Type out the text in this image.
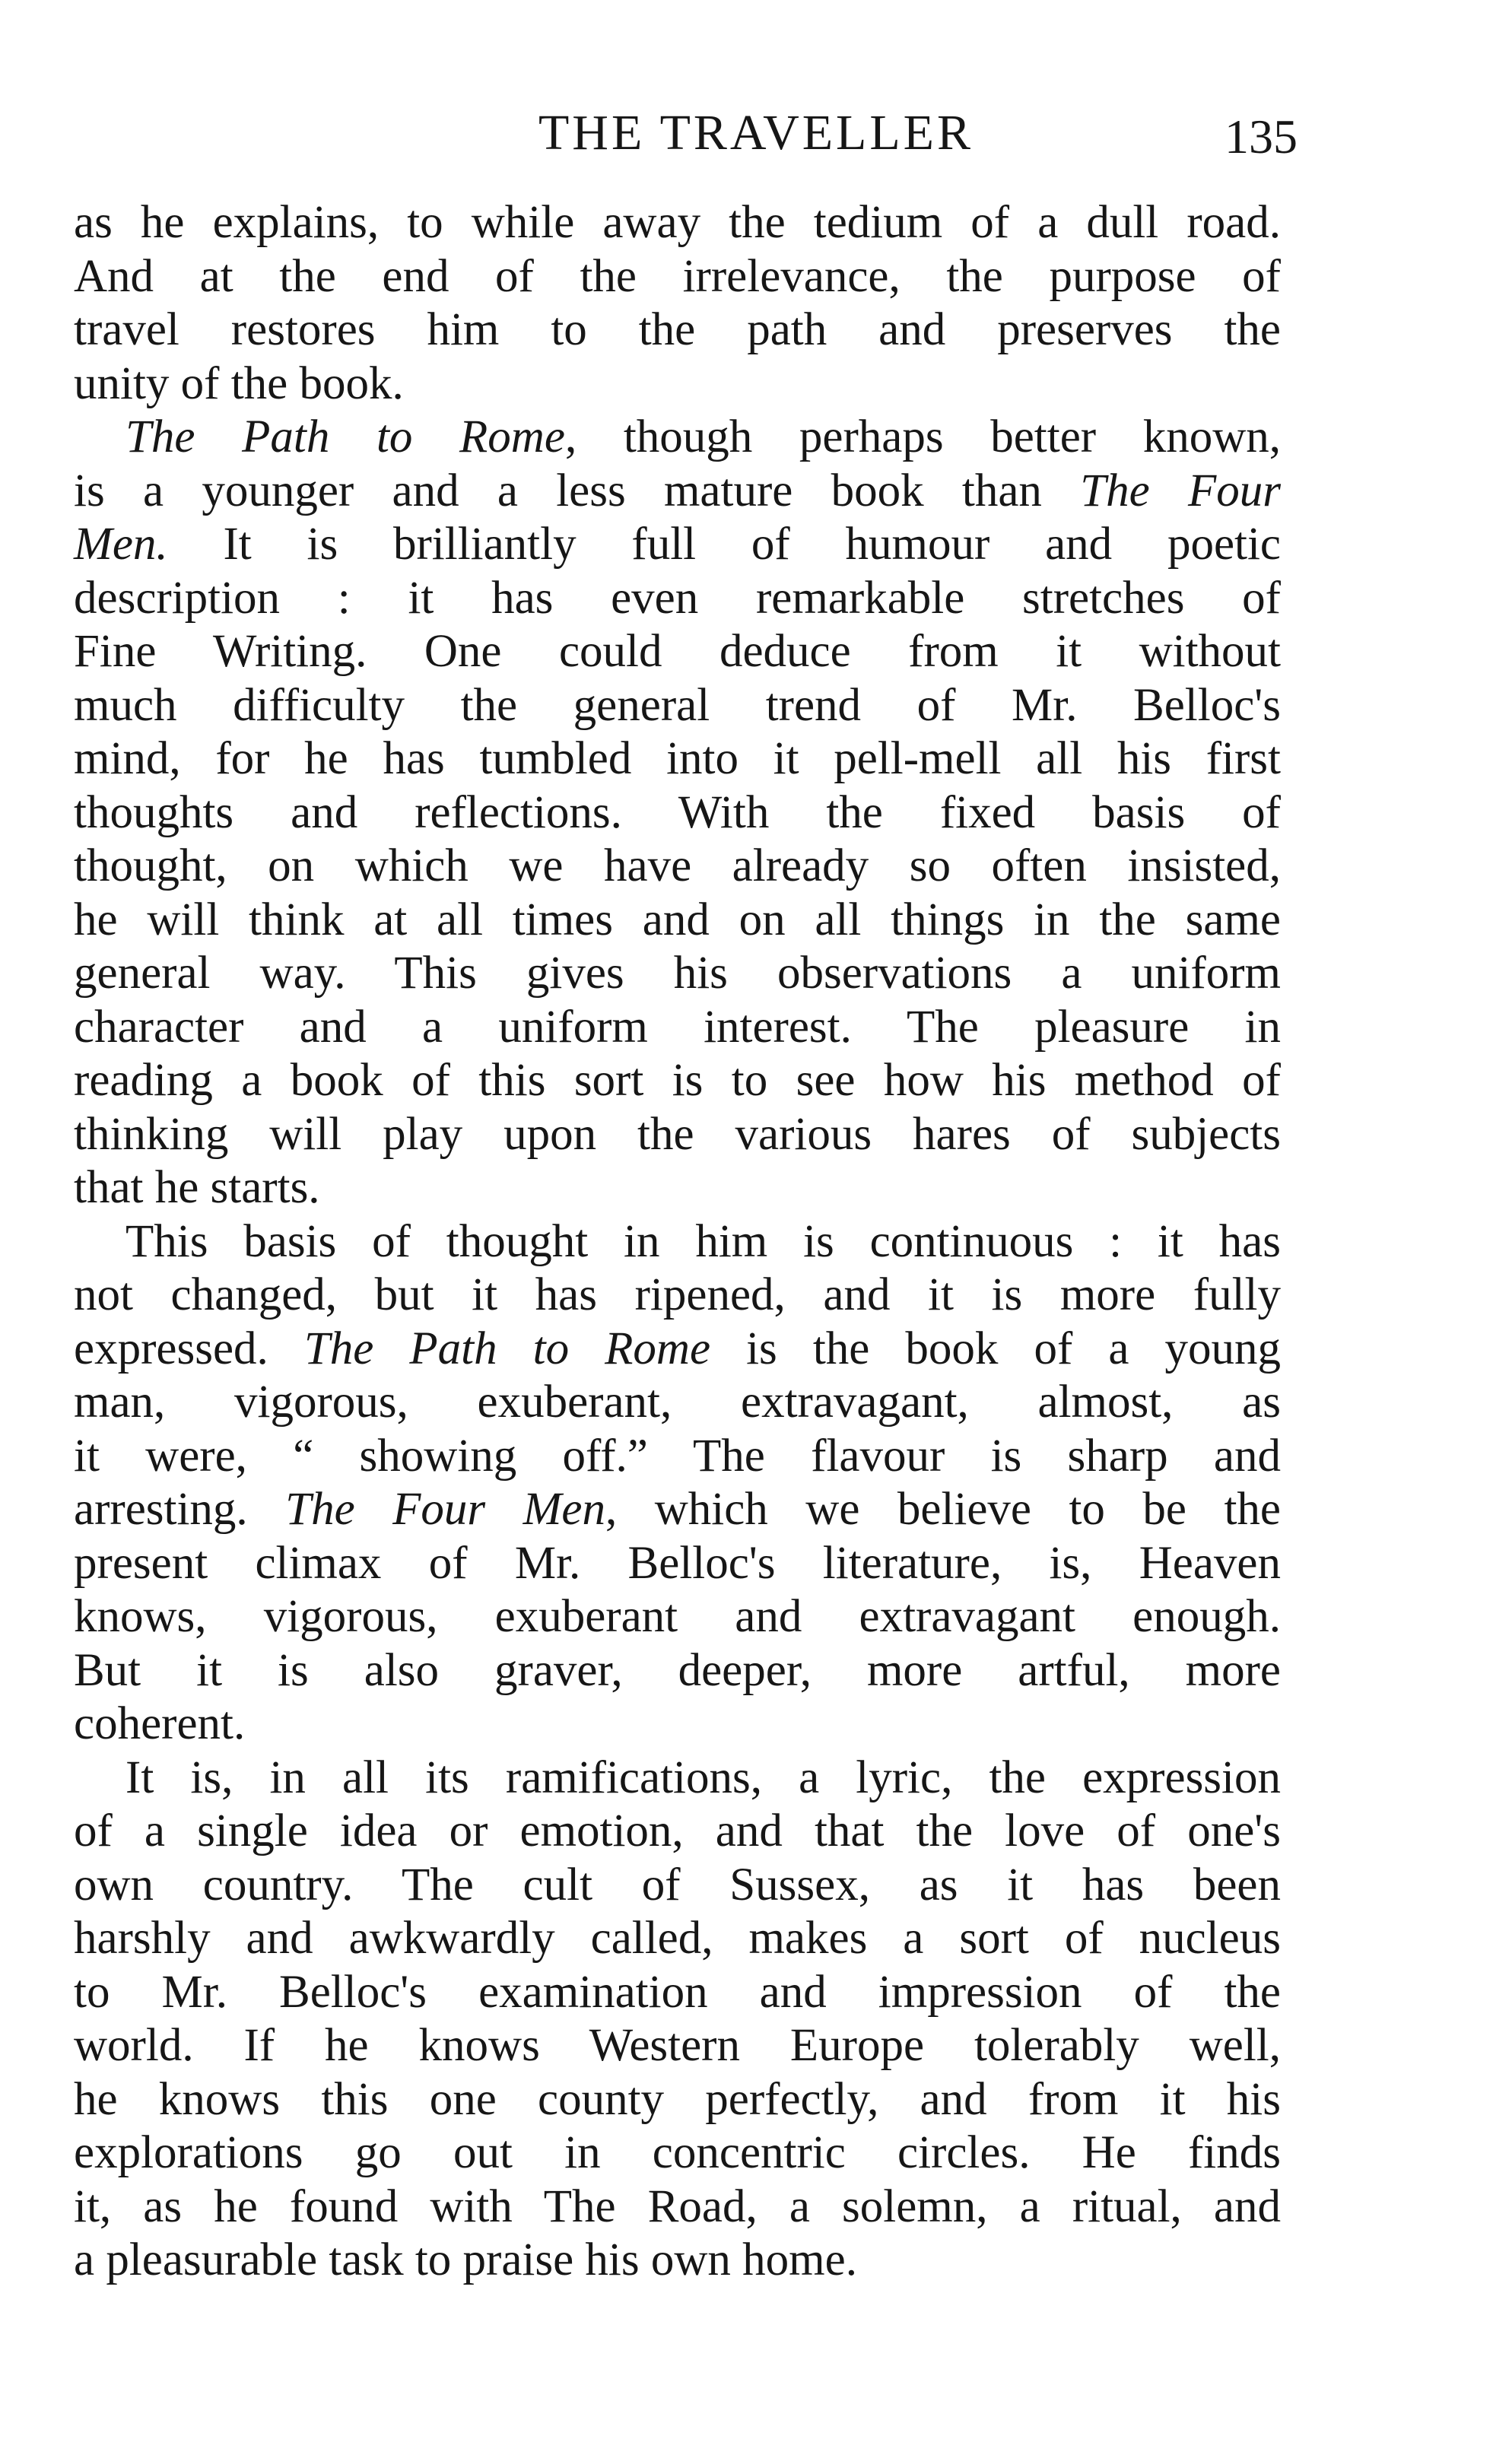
THE TRAVELLER	135
as he explains, to while away the tedium of a dull road.
And at the end of the irrelevance, the purpose of
travel restores him to the path and preserves the
unity of the book.
The Path to Rome, though perhaps better known,
is a younger and a less mature book than The Four
Men. It is brilliantly full of humour and poetic
description : it has even remarkable stretches of
Fine Writing. One could deduce from it without
much difficulty the general trend of Mr. Belloc's
mind, for he has tumbled into it pell-mell all his first
thoughts and reflections. With the fixed basis of
thought, on which we have already so often insisted,
he will think at all times and on all things in the same
general way. This gives his observations a uniform
character and a uniform interest. The pleasure in
reading a book of this sort is to see how his method of
thinking will play upon the various hares of subjects
that he starts.
This basis of thought in him is continuous : it has
not changed, but it has ripened, and it is more fully
expressed. The Path to Rome is the book of a young
man, vigorous, exuberant, extravagant, almost, as
it were, “ showing off.” The flavour is sharp and
arresting. The Four Men, which we believe to be the
present climax of Mr. Belloc's literature, is, Heaven
knows, vigorous, exuberant and extravagant enough.
But it is also graver, deeper, more artful, more
coherent.
It is, in all its ramifications, a lyric, the expression
of a single idea or emotion, and that the love of one's
own country. The cult of Sussex, as it has been
harshly and awkwardly called, makes a sort of nucleus
to Mr. Belloc's examination and impression of the
world. If he knows Western Europe tolerably well,
he knows this one county perfectly, and from it his
explorations go out in concentric circles. He finds
it, as he found with The Road, a solemn, a ritual, and
a pleasurable task to praise his own home.
